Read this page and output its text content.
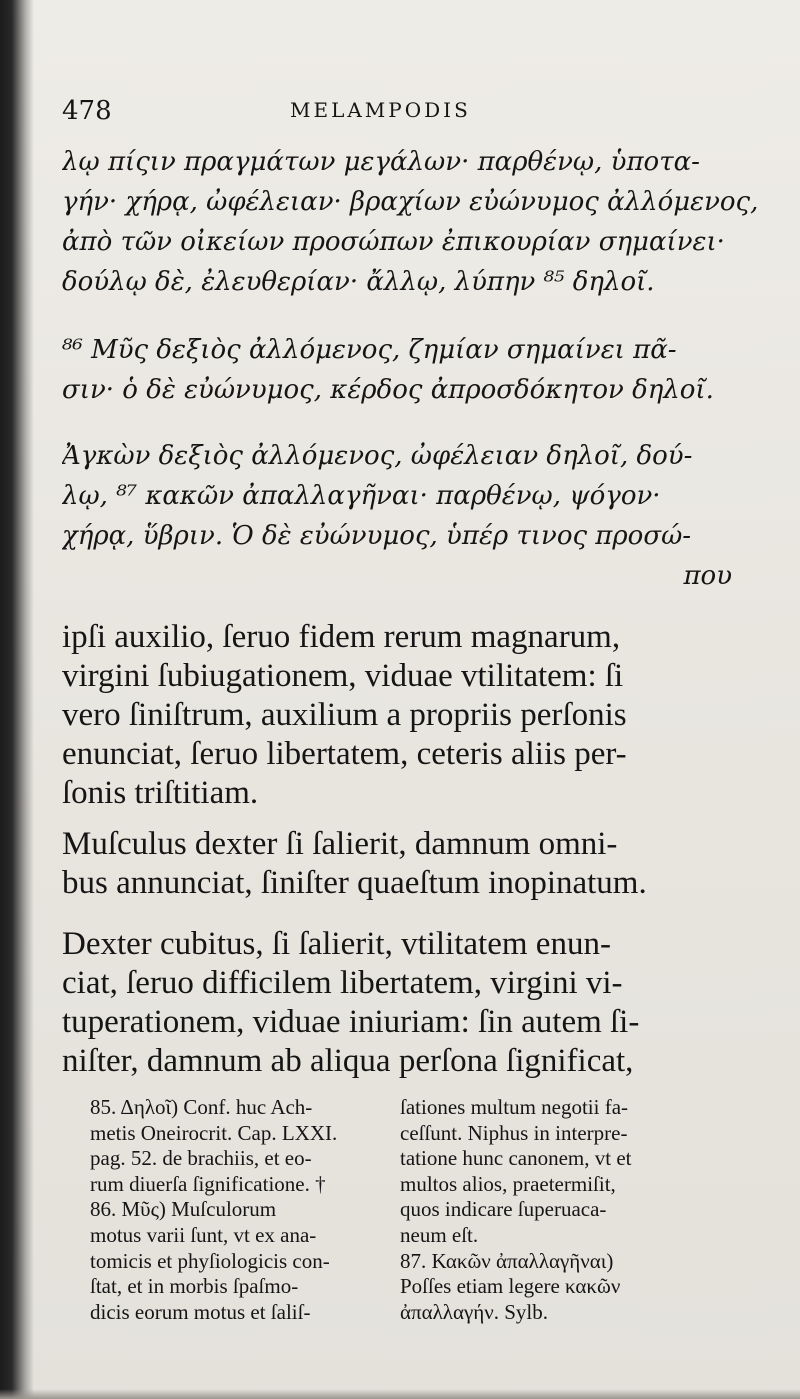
478	MELAMPODIS
λῳ πίςιν πραγμάτων μεγάλων· παρθένῳ, ὑποτα-
γήν· χήρᾳ, ὠφέλειαν· βραχίων εὐώνυμος ἀλλόμενος,
ἀπὸ τῶν οἰκείων προσώπων ἐπικουρίαν σημαίνει·
δούλῳ δὲ, ἐλευθερίαν· ἄλλῳ, λύπην ⁸⁵ δηλοῖ.
⁸⁶ Μῦς δεξιὸς ἀλλόμενος, ζημίαν σημαίνει πᾶ-
σιν· ὁ δὲ εὐώνυμος, κέρδος ἀπροσδόκητον δηλοῖ.
Ἀγκὼν δεξιὸς ἀλλόμενος, ὠφέλειαν δηλοῖ, δού-
λῳ, ⁸⁷ κακῶν ἀπαλλαγῆναι· παρθένῳ, ψόγον·
χήρᾳ, ὕβριν. Ὁ δὲ εὐώνυμος, ὑπέρ τινος προσώ-
που
ipſi auxilio, ſeruo fidem rerum magnarum,
virgini ſubiugationem, viduae vtilitatem: ſi
vero ſiniſtrum, auxilium a propriis perſonis
enunciat, ſeruo libertatem, ceteris aliis per-
ſonis triſtitiam.
Muſculus dexter ſi ſalierit, damnum omni-
bus annunciat, ſiniſter quaeſtum inopinatum.
Dexter cubitus, ſi ſalierit, vtilitatem enun-
ciat, ſeruo difficilem libertatem, virgini vi-
tuperationem, viduae iniuriam: ſin autem ſi-
niſter, damnum ab aliqua perſona ſignificat,
85. Δηλοῖ) Conf. huc Ach-
metis Oneirocrit. Cap. LXXI.
pag. 52. de brachiis, et eo-
rum diuerſa ſignificatione. †
86. Μῦς) Muſculorum
motus varii ſunt, vt ex ana-
tomicis et phyſiologicis con-
ſtat, et in morbis ſpaſmo-
dicis eorum motus et ſaliſ-
ſationes multum negotii fa-
ceſſunt. Niphus in interpre-
tatione hunc canonem, vt et
multos alios, praetermiſit,
quos indicare ſuperuaca-
neum eſt.
87. Κακῶν ἀπαλλαγῆναι)
Poſſes etiam legere κακῶν
ἀπαλλαγήν. Sylb.
